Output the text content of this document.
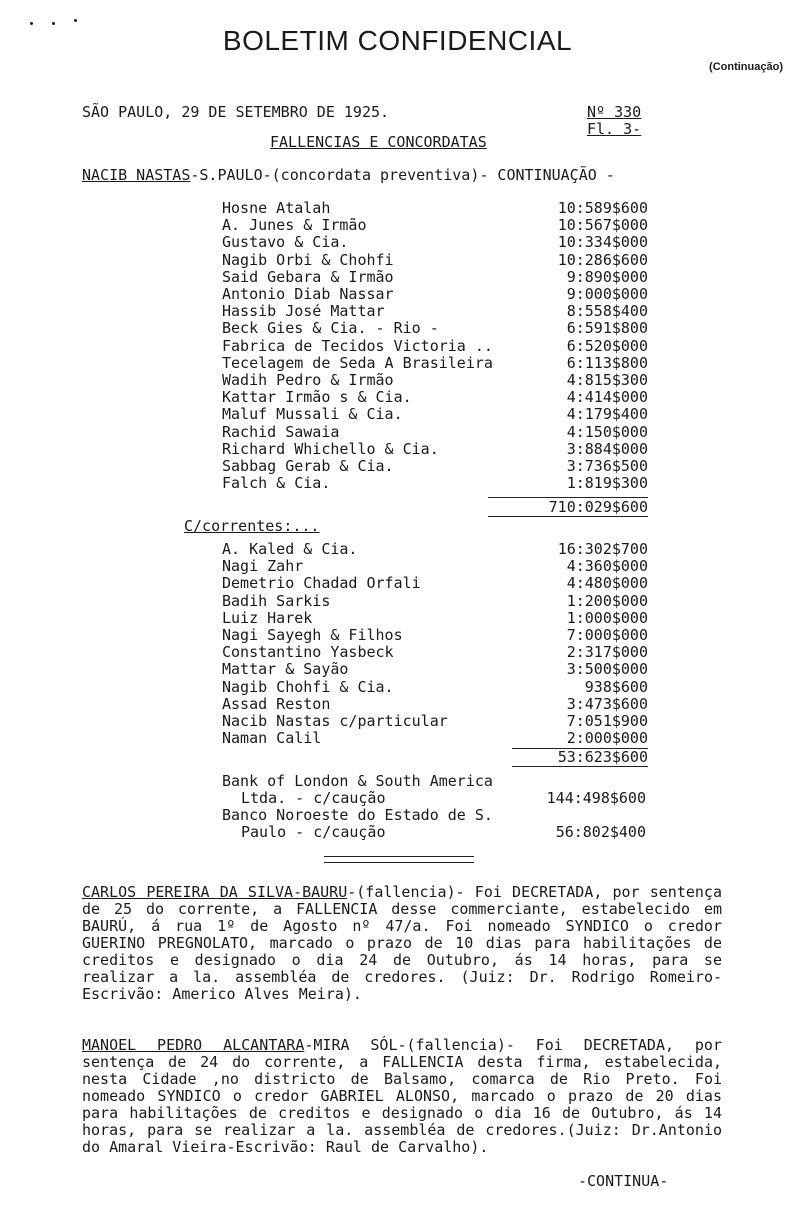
BOLETIM CONFIDENCIAL
(Continuação)
SÃO PAULO, 29 DE SETEMBRO DE 1925.	Nº 330
Fl. 3-
FALLENCIAS E CONCORDATAS
NACIB NASTAS-S.PAULO-(concordata preventiva)- CONTINUAÇÃO -
Hosne Atalah	10:589$600
A. Junes & Irmão	10:567$000
Gustavo & Cia.	10:334$000
Nagib Orbi & Chohfi	10:286$600
Said Gebara & Irmão	9:890$000
Antonio Diab Nassar	9:000$000
Hassib José Mattar	8:558$400
Beck Gies & Cia. - Rio -	6:591$800
Fabrica de Tecidos Victoria ..	6:520$000
Tecelagem de Seda A Brasileira	6:113$800
Wadih Pedro & Irmão	4:815$300
Kattar Irmão s & Cia.	4:414$000
Maluf Mussali & Cia.	4:179$400
Rachid Sawaia	4:150$000
Richard Whichello & Cia.	3:884$000
Sabbag Gerab & Cia.	3:736$500
Falch & Cia.	1:819$300
710:029$600
C/correntes:...
A. Kaled & Cia.	16:302$700
Nagi Zahr	4:360$000
Demetrio Chadad Orfali	4:480$000
Badih Sarkis	1:200$000
Luiz Harek	1:000$000
Nagi Sayegh & Filhos	7:000$000
Constantino Yasbeck	2:317$000
Mattar & Sayão	3:500$000
Nagib Chohfi & Cia.	938$600
Assad Reston	3:473$600
Nacib Nastas c/particular	7:051$900
Naman Calil	2:000$000
53:623$600
Bank of London & South America
Ltda. - c/caução	144:498$600
Banco Noroeste do Estado de S.
Paulo - c/caução	56:802$400
CARLOS PEREIRA DA SILVA-BAURU-(fallencia)- Foi DECRETADA, por sentença de 25 do corrente, a FALLENCIA desse commerciante, estabelecido em BAURÚ, á rua 1º de Agosto nº 47/a. Foi nomeado SYNDICO o credor GUERINO PREGNOLATO, marcado o prazo de 10 dias para habilitações de creditos e designado o dia 24 de Outubro, ás 14 horas, para se realizar a la. assembléa de credores. (Juiz: Dr. Rodrigo Romeiro-Escrivão: Americo Alves Meira).
MANOEL PEDRO ALCANTARA-MIRA SÓL-(fallencia)- Foi DECRETADA, por sentença de 24 do corrente, a FALLENCIA desta firma, estabelecida, nesta Cidade ,no districto de Balsamo, comarca de Rio Preto. Foi nomeado SYNDICO o credor GABRIEL ALONSO, marcado o prazo de 20 dias para habilitações de creditos e designado o dia 16 de Outubro, ás 14 horas, para se realizar a la. assembléa de credores.(Juiz: Dr.Antonio do Amaral Vieira-Escrivão: Raul de Carvalho).
-CONTINUA-
